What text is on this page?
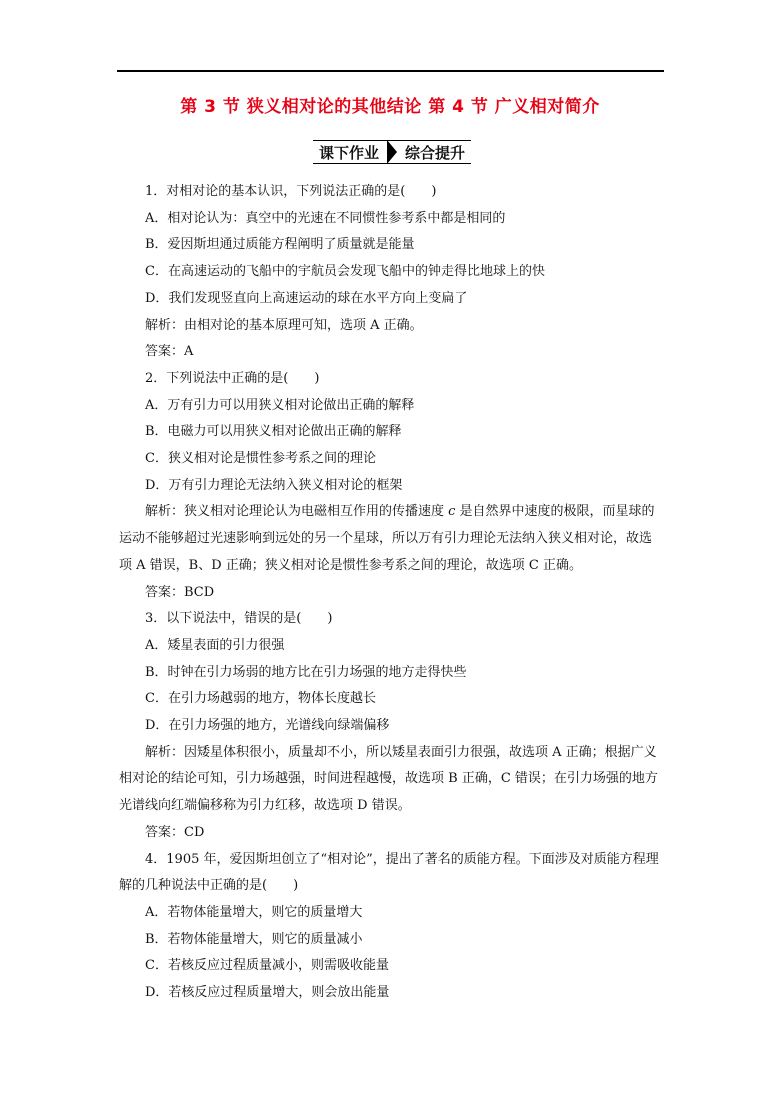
第 3 节 狭义相对论的其他结论 第 4 节 广义相对简介
课下作业	综合提升

1．对相对论的基本认识，下列说法正确的是(　　)

A．相对论认为：真空中的光速在不同惯性参考系中都是相同的

B．爱因斯坦通过质能方程阐明了质量就是能量

C．在高速运动的飞船中的宇航员会发现飞船中的钟走得比地球上的快

D．我们发现竖直向上高速运动的球在水平方向上变扁了

解析：由相对论的基本原理可知，选项 A 正确。

答案：A

2．下列说法中正确的是(　　)

A．万有引力可以用狭义相对论做出正确的解释

B．电磁力可以用狭义相对论做出正确的解释

C．狭义相对论是惯性参考系之间的理论

D．万有引力理论无法纳入狭义相对论的框架

解析：狭义相对论理论认为电磁相互作用的传播速度 c 是自然界中速度的极限，而星球的运动不能够超过光速影响到远处的另一个星球，所以万有引力理论无法纳入狭义相对论，故选项 A 错误，B、D 正确；狭义相对论是惯性参考系之间的理论，故选项 C 正确。

答案：BCD

3．以下说法中，错误的是(　　)

A．矮星表面的引力很强

B．时钟在引力场弱的地方比在引力场强的地方走得快些

C．在引力场越弱的地方，物体长度越长

D．在引力场强的地方，光谱线向绿端偏移

解析：因矮星体积很小，质量却不小，所以矮星表面引力很强，故选项 A 正确；根据广义相对论的结论可知，引力场越强，时间进程越慢，故选项 B 正确，C 错误；在引力场强的地方光谱线向红端偏移称为引力红移，故选项 D 错误。

答案：CD

4．1905 年，爱因斯坦创立了“相对论”，提出了著名的质能方程。下面涉及对质能方程理解的几种说法中正确的是(　　)

A．若物体能量增大，则它的质量增大

B．若物体能量增大，则它的质量减小

C．若核反应过程质量减小，则需吸收能量

D．若核反应过程质量增大，则会放出能量
